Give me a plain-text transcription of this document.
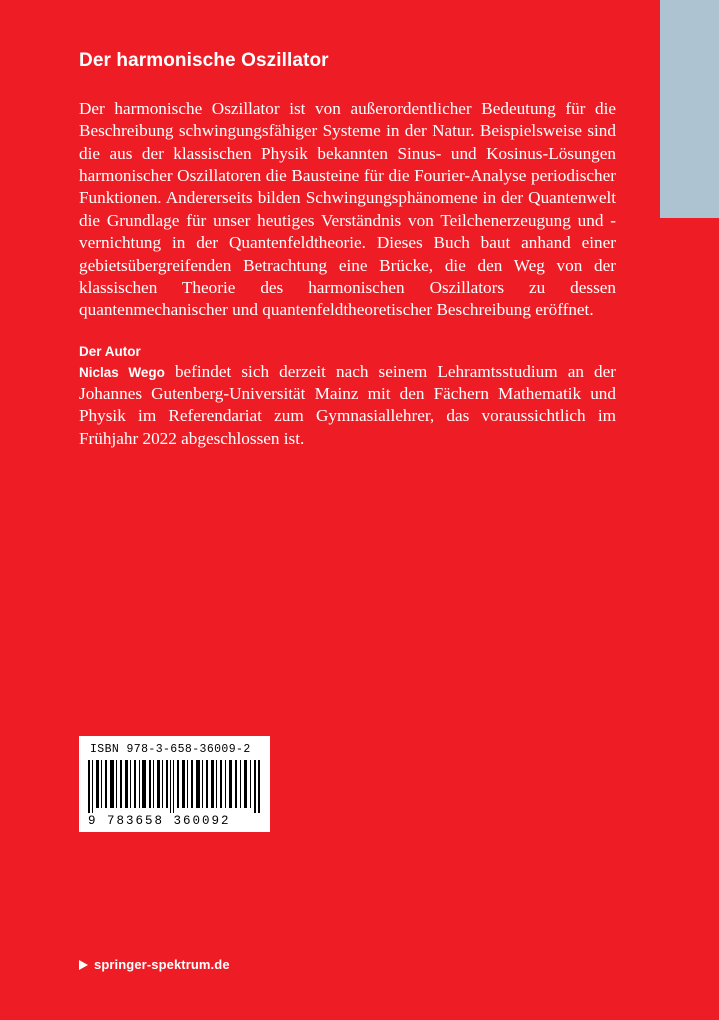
Der harmonische Oszillator

Der harmonische Oszillator ist von außerordentlicher Bedeutung für die Beschreibung schwingungsfähiger Systeme in der Natur. Beispielsweise sind die aus der klassischen Physik bekannten Sinus- und Kosinus-Lösungen harmonischer Oszillatoren die Bausteine für die Fourier-Analyse periodischer Funktionen. Andererseits bilden Schwingungsphänomene in der Quantenwelt die Grundlage für unser heutiges Verständnis von Teilchenerzeugung und -vernichtung in der Quantenfeldtheorie. Dieses Buch baut anhand einer gebietsübergreifenden Betrachtung eine Brücke, die den Weg von der klassischen Theorie des harmonischen Oszillators zu dessen quantenmechanischer und quantenfeldtheoretischer Beschreibung eröffnet.

Der Autor

Niclas Wego befindet sich derzeit nach seinem Lehramtsstudium an der Johannes Gutenberg-Universität Mainz mit den Fächern Mathematik und Physik im Referendariat zum Gymnasiallehrer, das voraussichtlich im Frühjahr 2022 abgeschlossen ist.

ISBN 978-3-658-36009-2
9 783658 360092
springer-spektrum.de
